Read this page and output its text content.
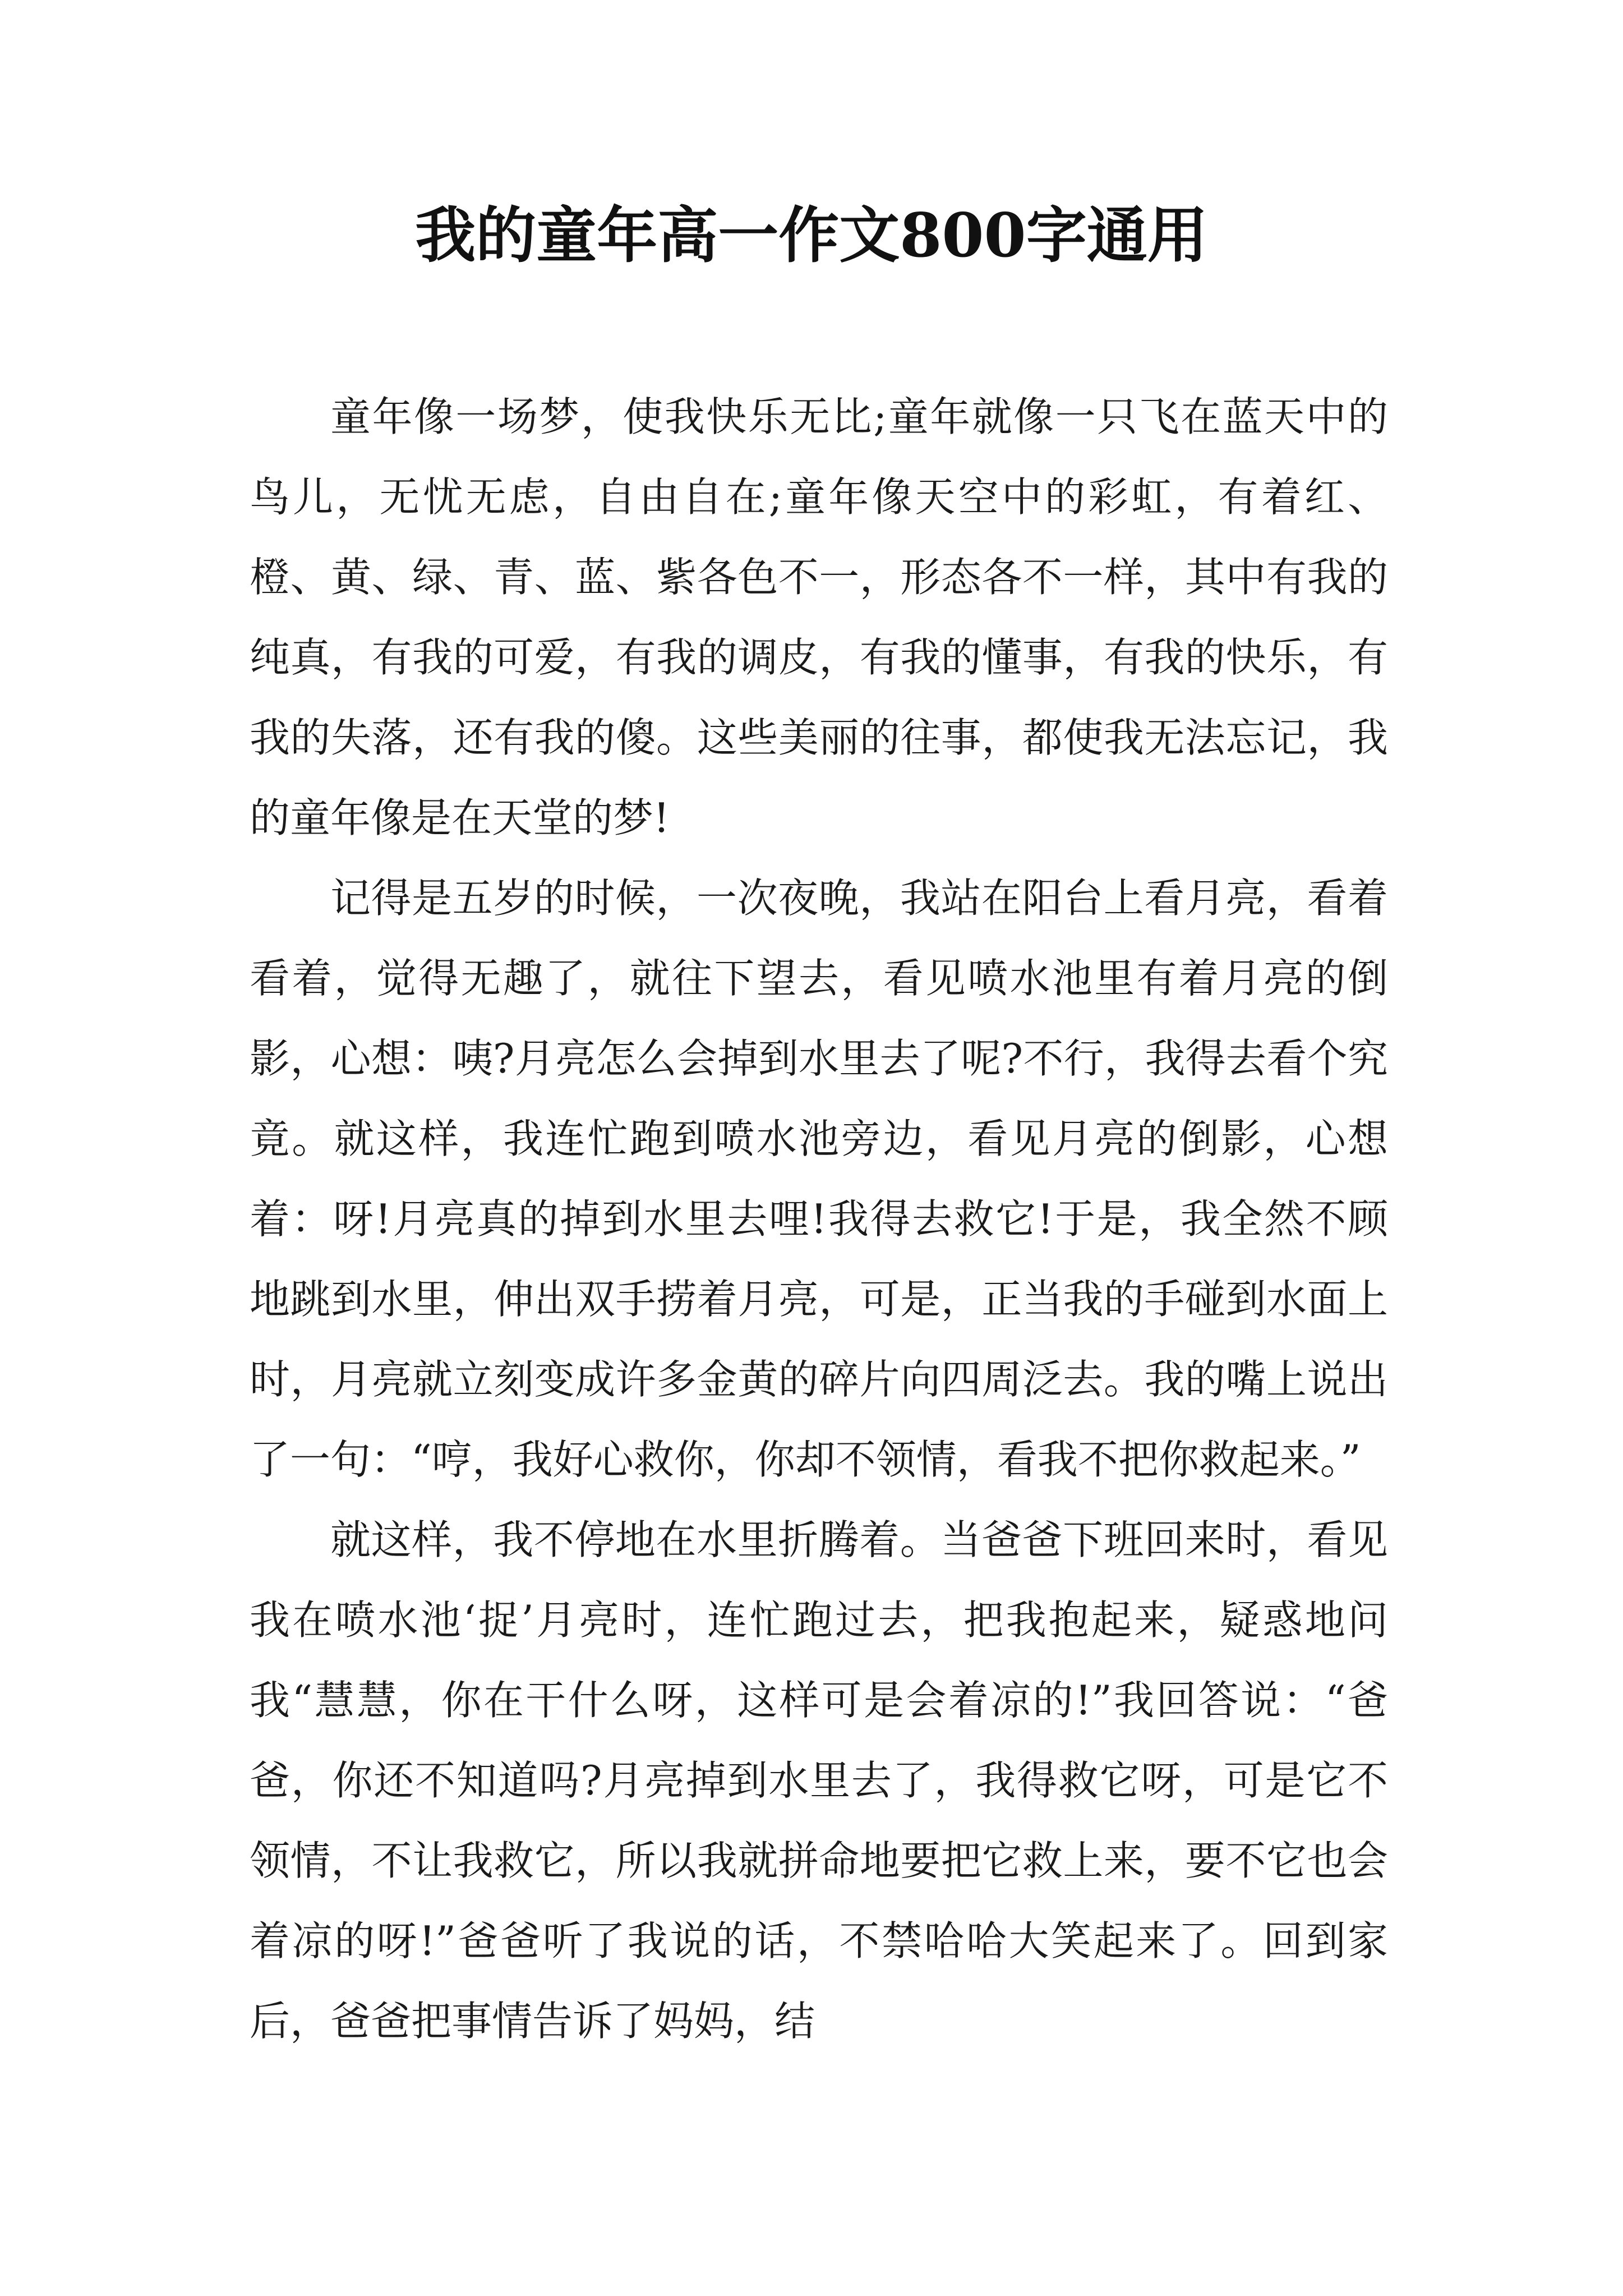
我的童年高一作文800字通用

童年像一场梦，使我快乐无比;童年就像一只飞在蓝天中的鸟儿，无忧无虑，自由自在;童年像天空中的彩虹，有着红、橙、黄、绿、青、蓝、紫各色不一，形态各不一样，其中有我的纯真，有我的可爱，有我的调皮，有我的懂事，有我的快乐，有我的失落，还有我的傻。这些美丽的往事，都使我无法忘记，我的童年像是在天堂的梦!

记得是五岁的时候，一次夜晚，我站在阳台上看月亮，看着看着，觉得无趣了，就往下望去，看见喷水池里有着月亮的倒影，心想：咦?月亮怎么会掉到水里去了呢?不行，我得去看个究竟。就这样，我连忙跑到喷水池旁边，看见月亮的倒影，心想着：呀!月亮真的掉到水里去哩!我得去救它!于是，我全然不顾地跳到水里，伸出双手捞着月亮，可是，正当我的手碰到水面上时，月亮就立刻变成许多金黄的碎片向四周泛去。我的嘴上说出了一句：“哼，我好心救你，你却不领情，看我不把你救起来。”

就这样，我不停地在水里折腾着。当爸爸下班回来时，看见我在喷水池‘捉’月亮时，连忙跑过去，把我抱起来，疑惑地问我“慧慧，你在干什么呀，这样可是会着凉的!”我回答说：“爸爸，你还不知道吗?月亮掉到水里去了，我得救它呀，可是它不领情，不让我救它，所以我就拼命地要把它救上来，要不它也会着凉的呀!”爸爸听了我说的话，不禁哈哈大笑起来了。回到家后，爸爸把事情告诉了妈妈，结
